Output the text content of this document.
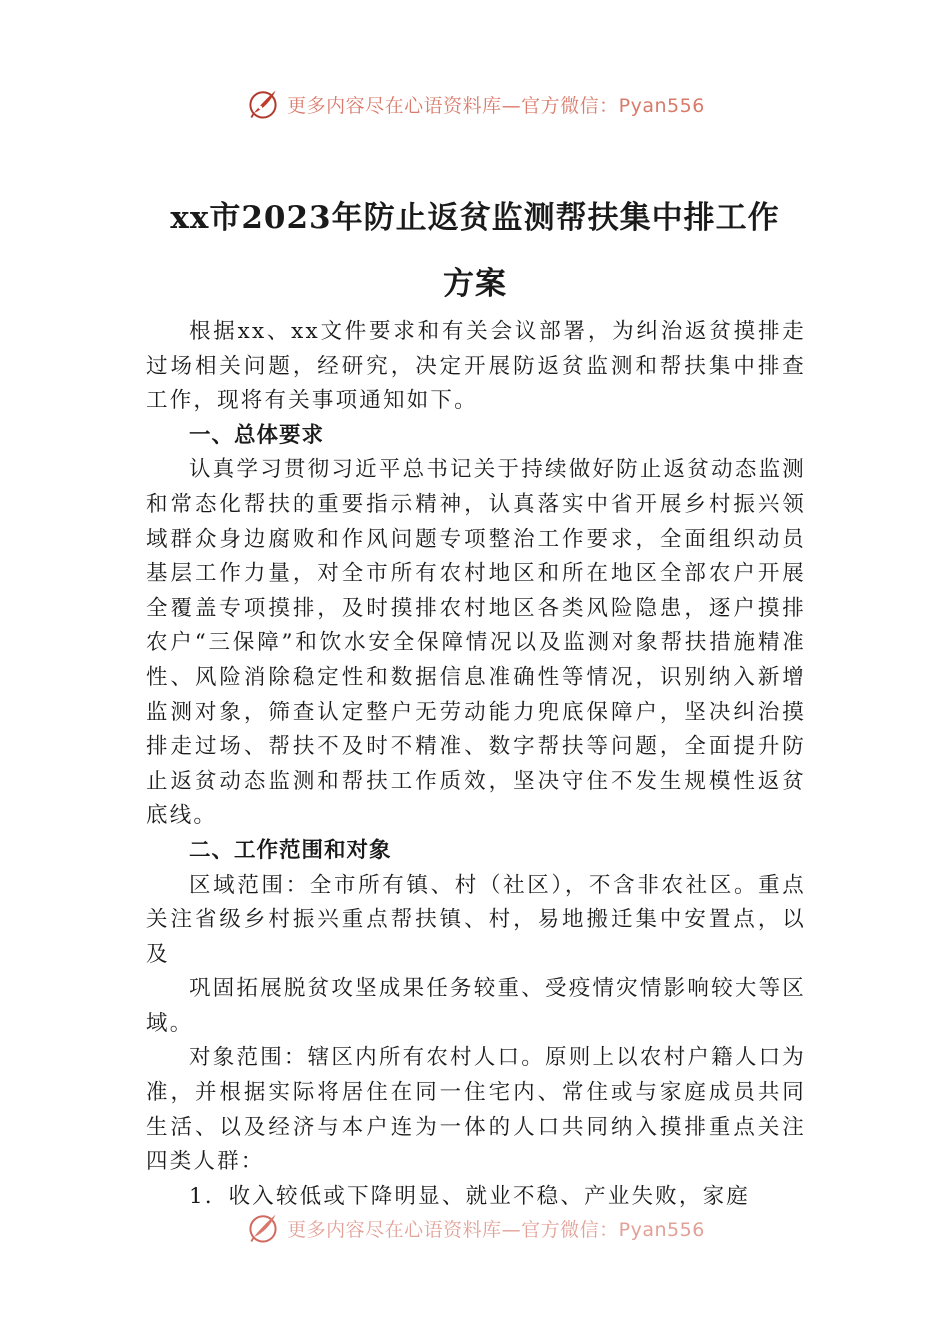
更多内容尽在心语资料库—官方微信：Pyan556
xx市2023年防止返贫监测帮扶集中排工作
方案

根据xx、xx文件要求和有关会议部署，为纠治返贫摸排走过场相关问题，经研究，决定开展防返贫监测和帮扶集中排查工作，现将有关事项通知如下。

一、总体要求

认真学习贯彻习近平总书记关于持续做好防止返贫动态监测和常态化帮扶的重要指示精神，认真落实中省开展乡村振兴领域群众身边腐败和作风问题专项整治工作要求，全面组织动员基层工作力量，对全市所有农村地区和所在地区全部农户开展全覆盖专项摸排，及时摸排农村地区各类风险隐患，逐户摸排农户“三保障”和饮水安全保障情况以及监测对象帮扶措施精准性、风险消除稳定性和数据信息准确性等情况，识别纳入新增监测对象，筛查认定整户无劳动能力兜底保障户，坚决纠治摸排走过场、帮扶不及时不精准、数字帮扶等问题，全面提升防止返贫动态监测和帮扶工作质效，坚决守住不发生规模性返贫底线。

二、工作范围和对象

区域范围：全市所有镇、村（社区），不含非农社区。重点关注省级乡村振兴重点帮扶镇、村，易地搬迁集中安置点，以及

巩固拓展脱贫攻坚成果任务较重、受疫情灾情影响较大等区域。

对象范围：辖区内所有农村人口。原则上以农村户籍人口为准，并根据实际将居住在同一住宅内、常住或与家庭成员共同生活、以及经济与本户连为一体的人口共同纳入摸排重点关注四类人群：

1．收入较低或下降明显、就业不稳、产业失败，家庭

更多内容尽在心语资料库—官方微信：Pyan556
